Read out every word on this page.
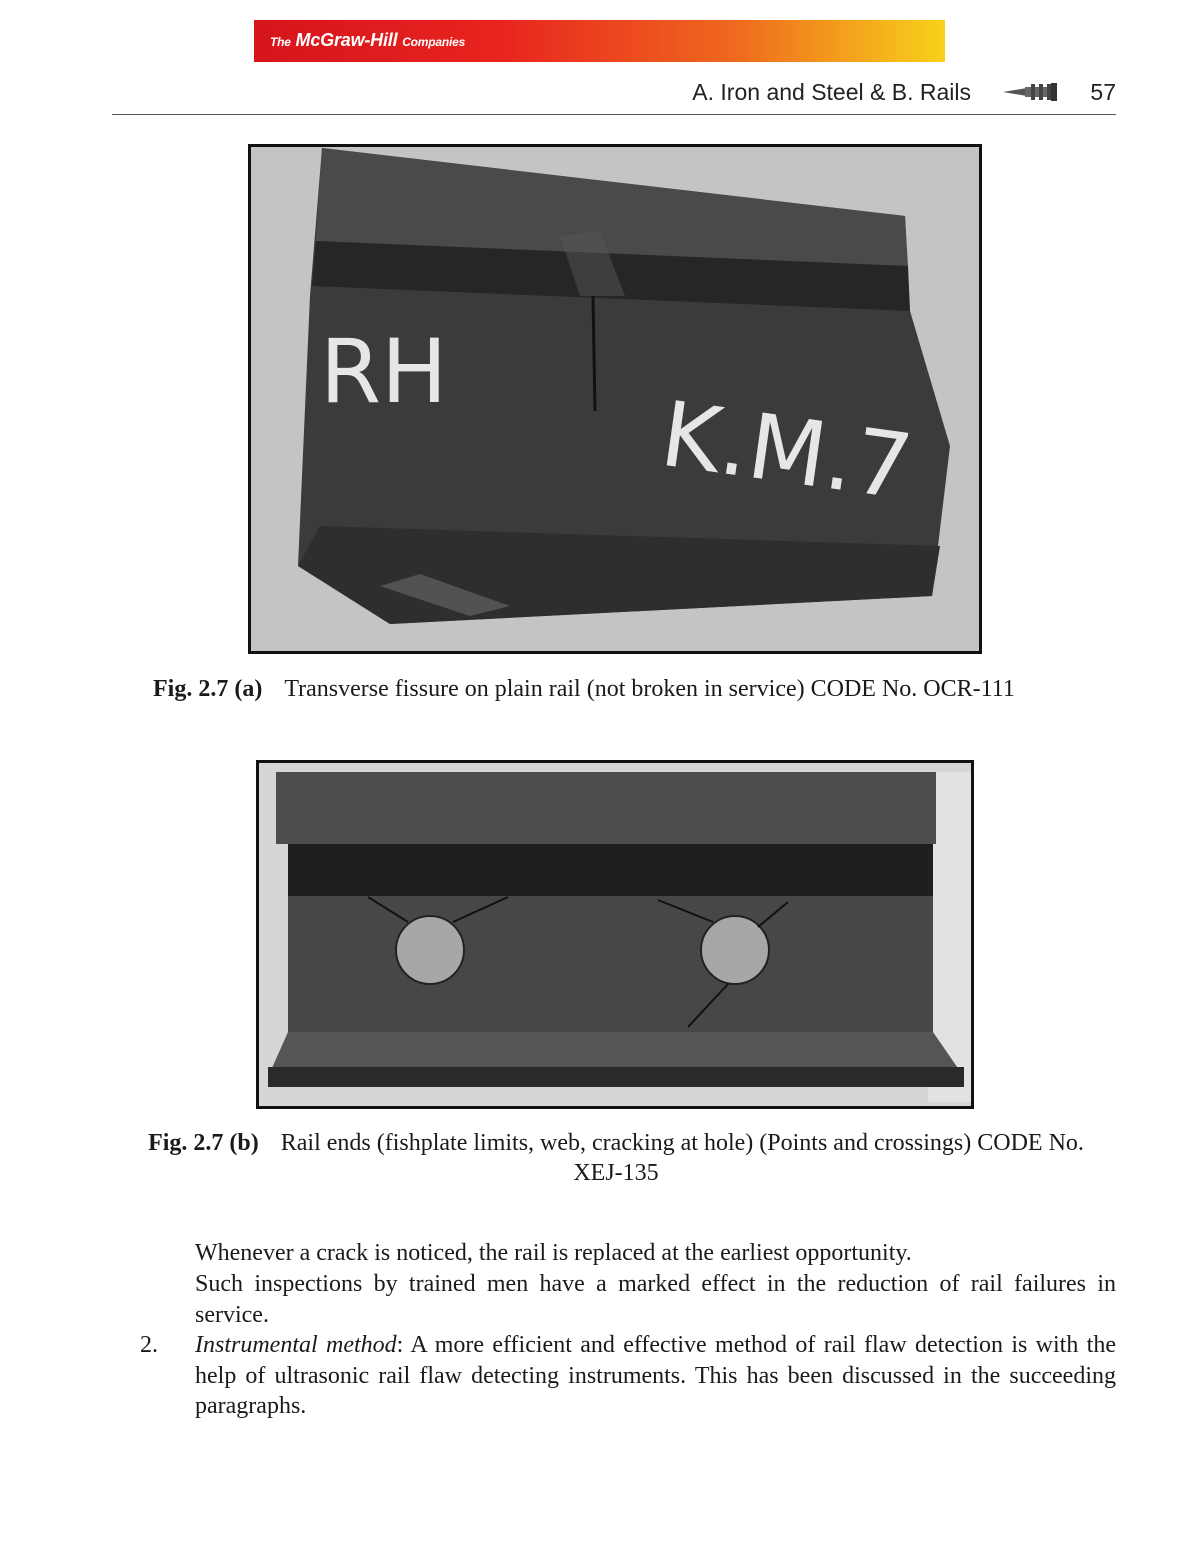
The McGraw-Hill Companies
A. Iron and Steel & B. Rails	57
RH
K.M.7
Fig. 2.7 (a) Transverse fissure on plain rail (not broken in service) CODE No. OCR-111
Fig. 2.7 (b) Rail ends (fishplate limits, web, cracking at hole) (Points and crossings) CODE No.
XEJ-135
Whenever a crack is noticed, the rail is replaced at the earliest opportunity.
Such inspections by trained men have a marked effect in the reduction of rail failures in service.
2. Instrumental method: A more efficient and effective method of rail flaw detection is with the help of ultrasonic rail flaw detecting instruments. This has been discussed in the succeeding paragraphs.
